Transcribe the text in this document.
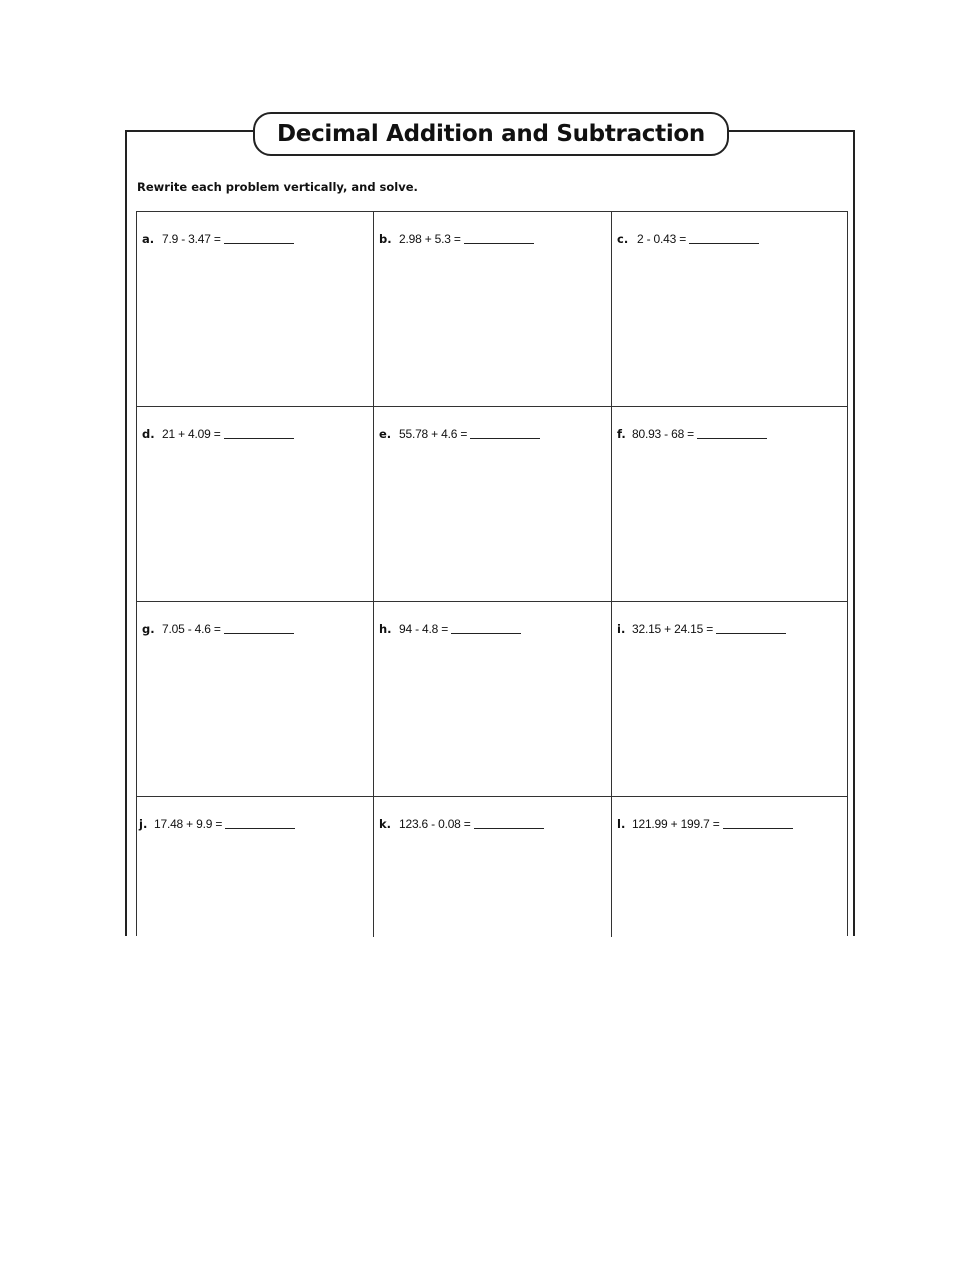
Decimal Addition and Subtraction
Rewrite each problem vertically, and solve.
a. 7.9 - 3.47 =	b. 2.98 + 5.3 =	c. 2 - 0.43 =
d. 21 + 4.09 =	e. 55.78 + 4.6 =	f. 80.93 - 68 =
g. 7.05 - 4.6 =	h. 94 - 4.8 =	i. 32.15 + 24.15 =
j. 17.48 + 9.9 =	k. 123.6 - 0.08 =	l. 121.99 + 199.7 =
